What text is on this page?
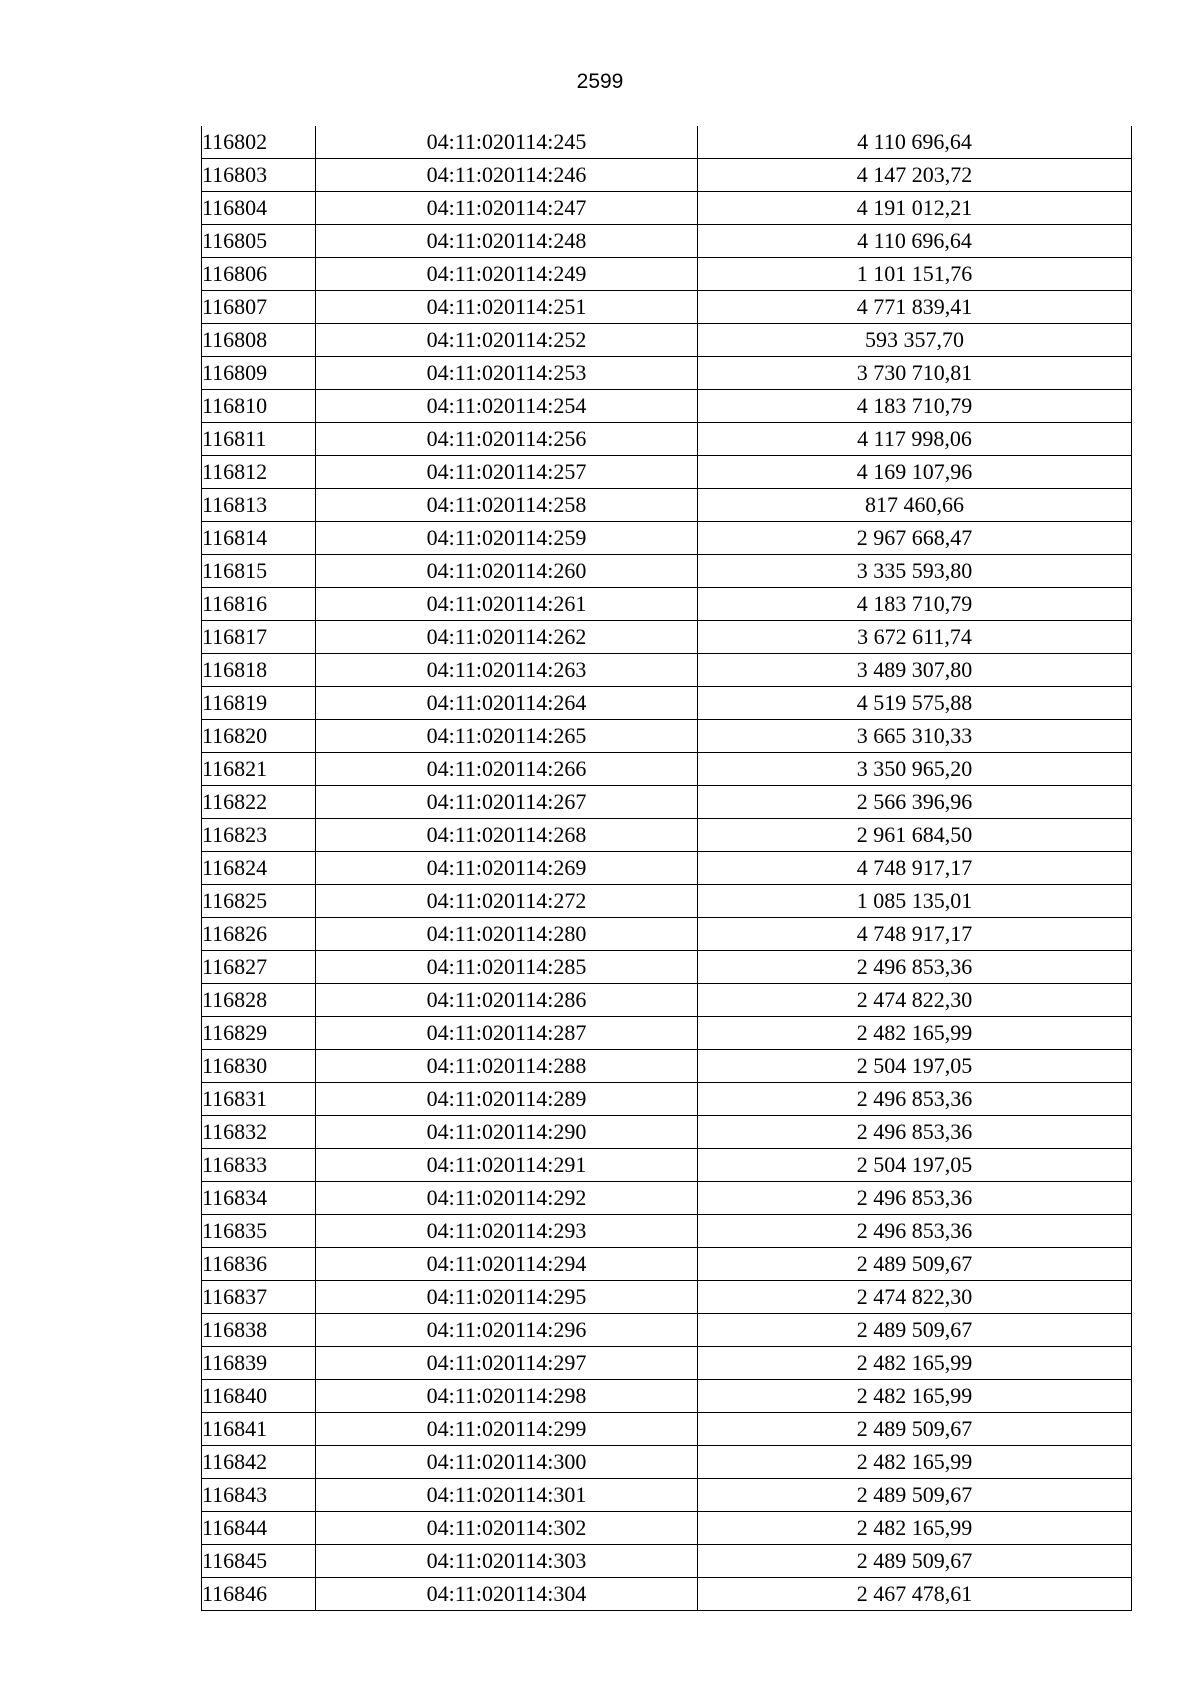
2599
116802	04:11:020114:245	4 110 696,64
116803	04:11:020114:246	4 147 203,72
116804	04:11:020114:247	4 191 012,21
116805	04:11:020114:248	4 110 696,64
116806	04:11:020114:249	1 101 151,76
116807	04:11:020114:251	4 771 839,41
116808	04:11:020114:252	593 357,70
116809	04:11:020114:253	3 730 710,81
116810	04:11:020114:254	4 183 710,79
116811	04:11:020114:256	4 117 998,06
116812	04:11:020114:257	4 169 107,96
116813	04:11:020114:258	817 460,66
116814	04:11:020114:259	2 967 668,47
116815	04:11:020114:260	3 335 593,80
116816	04:11:020114:261	4 183 710,79
116817	04:11:020114:262	3 672 611,74
116818	04:11:020114:263	3 489 307,80
116819	04:11:020114:264	4 519 575,88
116820	04:11:020114:265	3 665 310,33
116821	04:11:020114:266	3 350 965,20
116822	04:11:020114:267	2 566 396,96
116823	04:11:020114:268	2 961 684,50
116824	04:11:020114:269	4 748 917,17
116825	04:11:020114:272	1 085 135,01
116826	04:11:020114:280	4 748 917,17
116827	04:11:020114:285	2 496 853,36
116828	04:11:020114:286	2 474 822,30
116829	04:11:020114:287	2 482 165,99
116830	04:11:020114:288	2 504 197,05
116831	04:11:020114:289	2 496 853,36
116832	04:11:020114:290	2 496 853,36
116833	04:11:020114:291	2 504 197,05
116834	04:11:020114:292	2 496 853,36
116835	04:11:020114:293	2 496 853,36
116836	04:11:020114:294	2 489 509,67
116837	04:11:020114:295	2 474 822,30
116838	04:11:020114:296	2 489 509,67
116839	04:11:020114:297	2 482 165,99
116840	04:11:020114:298	2 482 165,99
116841	04:11:020114:299	2 489 509,67
116842	04:11:020114:300	2 482 165,99
116843	04:11:020114:301	2 489 509,67
116844	04:11:020114:302	2 482 165,99
116845	04:11:020114:303	2 489 509,67
116846	04:11:020114:304	2 467 478,61
